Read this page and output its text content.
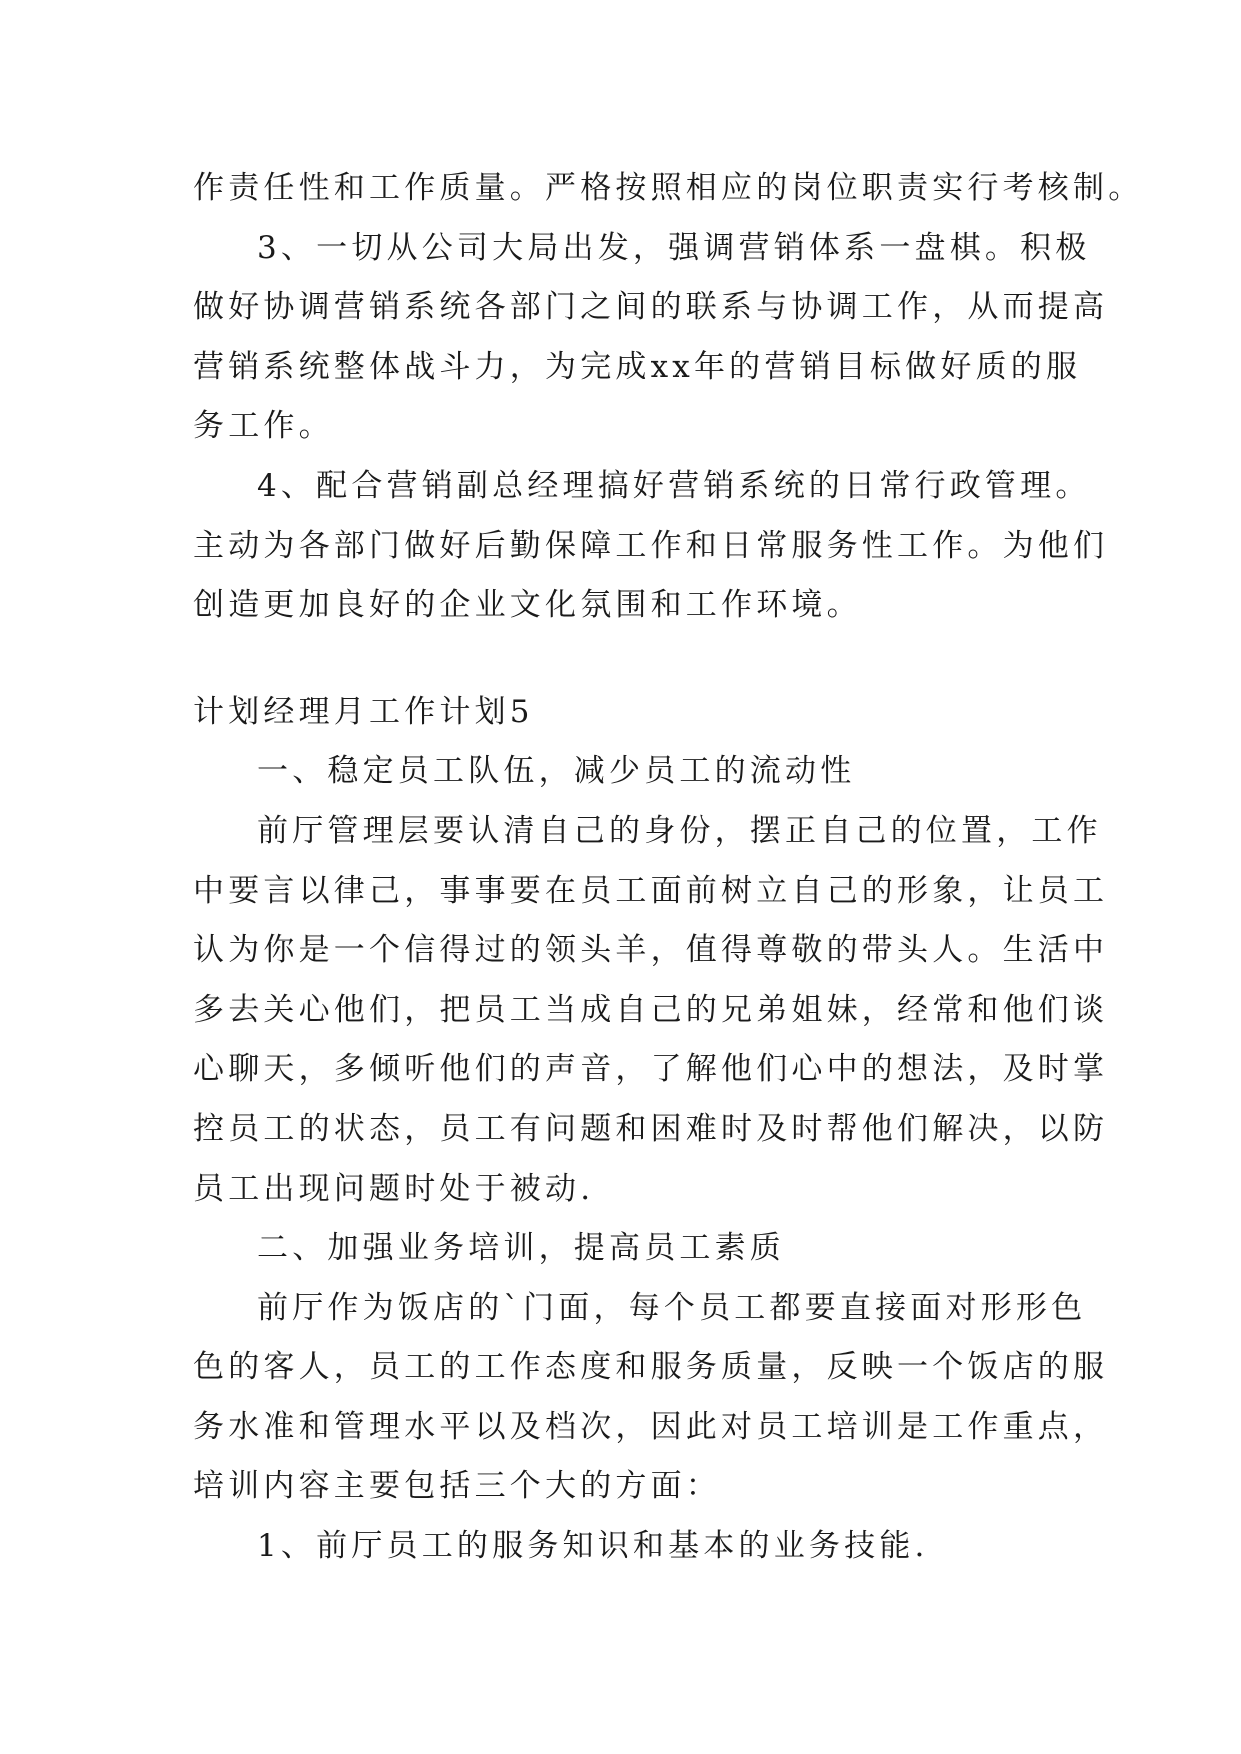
作责任性和工作质量。严格按照相应的岗位职责实行考核制。
3、一切从公司大局出发，强调营销体系一盘棋。积极
做好协调营销系统各部门之间的联系与协调工作，从而提高
营销系统整体战斗力，为完成xx年的营销目标做好质的服
务工作。
4、配合营销副总经理搞好营销系统的日常行政管理。
主动为各部门做好后勤保障工作和日常服务性工作。为他们
创造更加良好的企业文化氛围和工作环境。
计划经理月工作计划5
一、稳定员工队伍，减少员工的流动性
前厅管理层要认清自己的身份，摆正自己的位置，工作
中要言以律己，事事要在员工面前树立自己的形象，让员工
认为你是一个信得过的领头羊，值得尊敬的带头人。生活中
多去关心他们，把员工当成自己的兄弟姐妹，经常和他们谈
心聊天，多倾听他们的声音，了解他们心中的想法，及时掌
控员工的状态，员工有问题和困难时及时帮他们解决，以防
员工出现问题时处于被动.
二、加强业务培训，提高员工素质
前厅作为饭店的`门面，每个员工都要直接面对形形色
色的客人，员工的工作态度和服务质量，反映一个饭店的服
务水准和管理水平以及档次，因此对员工培训是工作重点，
培训内容主要包括三个大的方面：
1、前厅员工的服务知识和基本的业务技能.
